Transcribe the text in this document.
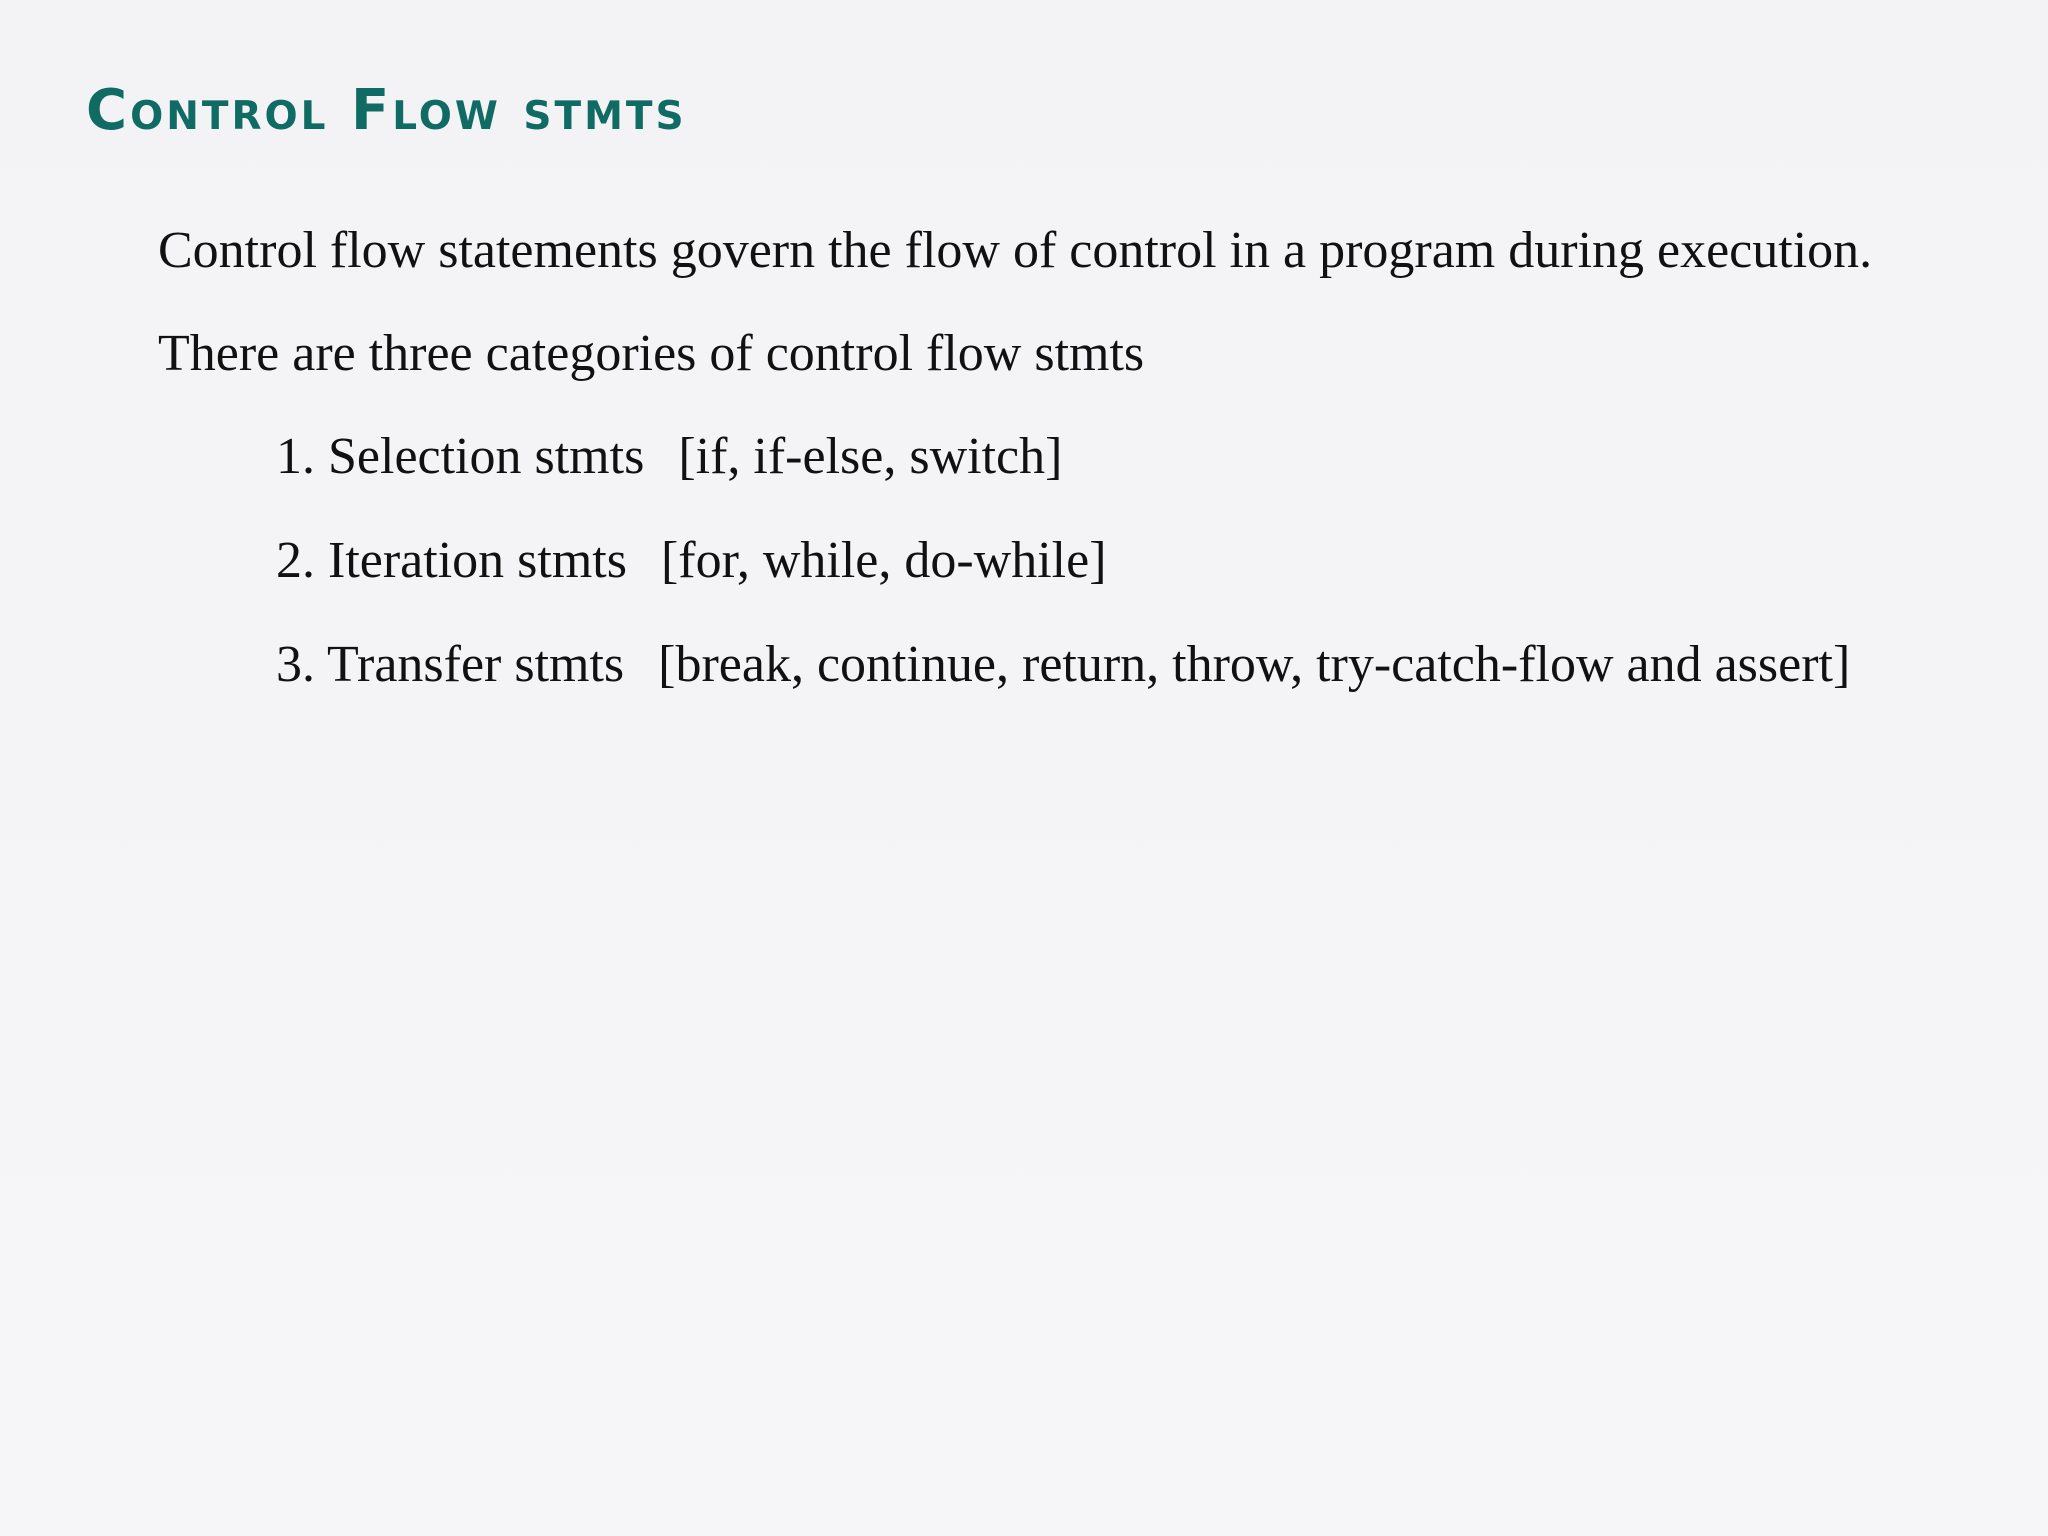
Control Flow stmts

Control flow statements govern the flow of control in a program during execution.

There are three categories of control flow stmts

1. Selection stmts [if, if-else, switch]

2. Iteration stmts [for, while, do-while]

3. Transfer stmts [break, continue, return, throw, try-catch-flow and assert]
